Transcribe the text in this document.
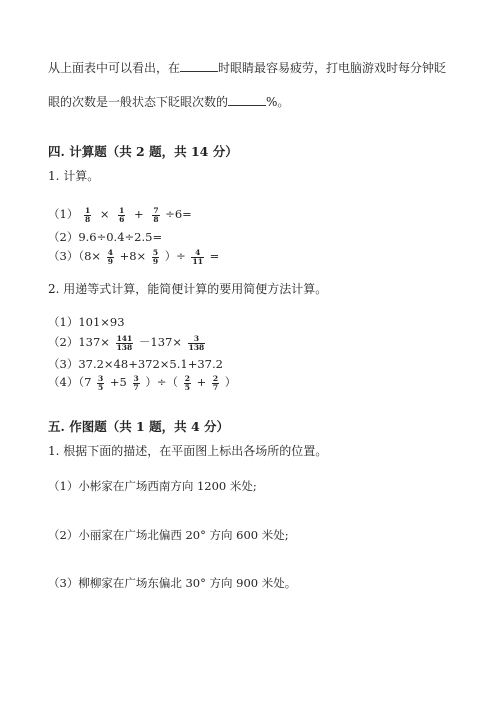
从上面表中可以看出，在	时眼睛最容易疲劳，打电脑游戏时每分钟眨
眼的次数是一般状态下眨眼次数的	%。
四. 计算题（共 2 题，共 14 分）
1. 计算。
$(1) \frac{1}{8} \times \frac{1}{6} + \frac{7}{8} \div 6=$
（2）9.6÷0.4÷2.5=
$(3)(8\times \frac{4}{9} +8\times \frac{5}{9}$ ）÷ $\frac{4}{11}$ =
2. 用递等式计算，能简便计算的要用简便方法计算。
（1）101×93
$(2)137\times \frac{141}{138} -137\times \frac{3}{138}$
（3）37.2×48+372×5.1+37.2
$(4)(7 \frac{3}{5} +5 \frac{3}{7}$ ）÷（ $\frac{2}{5} + \frac{2}{7}$ ）
五. 作图题（共 1 题，共 4 分）
1. 根据下面的描述，在平面图上标出各场所的位置。
（1）小彬家在广场西南方向 1200 米处;
（2）小丽家在广场北偏西 20° 方向 600 米处;
（3）柳柳家在广场东偏北 30° 方向 900 米处。
